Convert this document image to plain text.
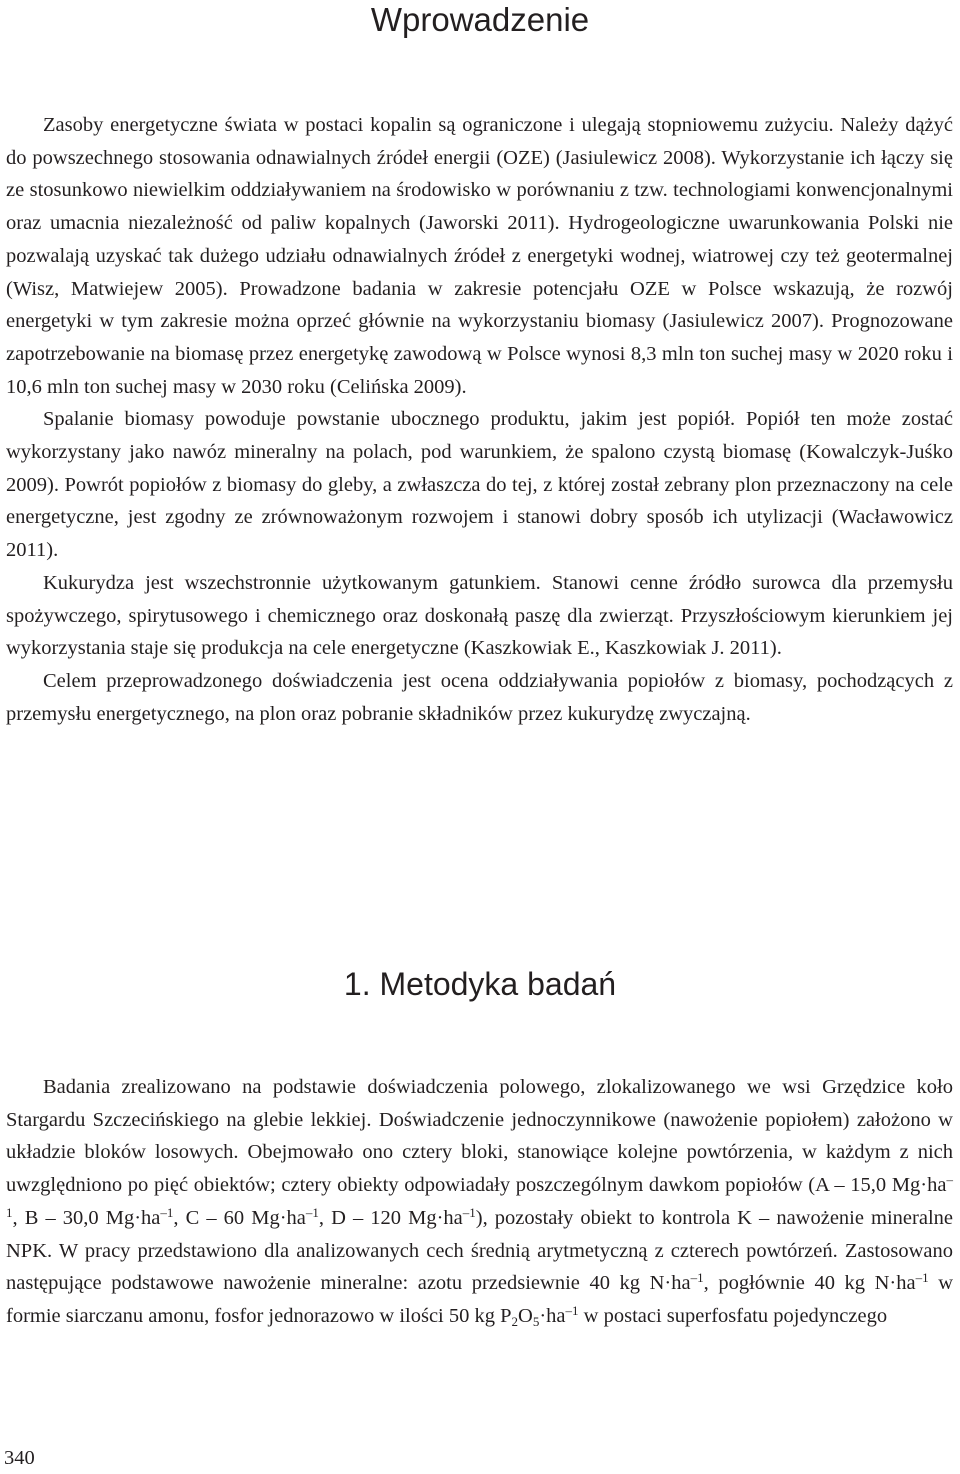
Wprowadzenie

Zasoby energetyczne świata w postaci kopalin są ograniczone i ulegają stopniowemu zużyciu. Należy dążyć do powszechnego stosowania odnawialnych źródeł energii (OZE) (Jasiulewicz 2008). Wykorzystanie ich łączy się ze stosunkowo niewielkim oddziaływaniem na środowisko w porównaniu z tzw. technologiami konwencjonalnymi oraz umacnia niezależność od paliw kopalnych (Jaworski 2011). Hydrogeologiczne uwarunkowania Polski nie pozwalają uzyskać tak dużego udziału odnawialnych źródeł z energetyki wodnej, wiatrowej czy też geotermalnej (Wisz, Matwiejew 2005). Prowadzone badania w zakresie potencjału OZE w Polsce wskazują, że rozwój energetyki w tym zakresie można oprzeć głównie na wykorzystaniu biomasy (Jasiulewicz 2007). Prognozowane zapotrzebowanie na biomasę przez energetykę zawodową w Polsce wynosi 8,3 mln ton suchej masy w 2020 roku i 10,6 mln ton suchej masy w 2030 roku (Celińska 2009).

Spalanie biomasy powoduje powstanie ubocznego produktu, jakim jest popiół. Popiół ten może zostać wykorzystany jako nawóz mineralny na polach, pod warunkiem, że spalono czystą biomasę (Kowalczyk-Juśko 2009). Powrót popiołów z biomasy do gleby, a zwłaszcza do tej, z której został zebrany plon przeznaczony na cele energetyczne, jest zgodny ze zrównoważonym rozwojem i stanowi dobry sposób ich utylizacji (Wacławowicz 2011).

Kukurydza jest wszechstronnie użytkowanym gatunkiem. Stanowi cenne źródło surowca dla przemysłu spożywczego, spirytusowego i chemicznego oraz doskonałą paszę dla zwierząt. Przyszłościowym kierunkiem jej wykorzystania staje się produkcja na cele energetyczne (Kaszkowiak E., Kaszkowiak J. 2011).

Celem przeprowadzonego doświadczenia jest ocena oddziaływania popiołów z biomasy, pochodzących z przemysłu energetycznego, na plon oraz pobranie składników przez kukurydzę zwyczajną.

1. Metodyka badań

Badania zrealizowano na podstawie doświadczenia polowego, zlokalizowanego we wsi Grzędzice koło Stargardu Szczecińskiego na glebie lekkiej. Doświadczenie jednoczynnikowe (nawożenie popiołem) założono w układzie bloków losowych. Obejmowało ono cztery bloki, stanowiące kolejne powtórzenia, w każdym z nich uwzględniono po pięć obiektów; cztery obiekty odpowiadały poszczególnym dawkom popiołów (A – 15,0 $Mg\cdot ha^{-1}$, B – 30,0 $Mg\cdot ha^{-1}$, C – 60 $Mg\cdot ha^{-1}$, D – 120 $Mg\cdot ha^{-1}$), pozostały obiekt to kontrola K – nawożenie mineralne NPK. W pracy przedstawiono dla analizowanych cech średnią arytmetyczną z czterech powtórzeń. Zastosowano następujące podstawowe nawożenie mineralne: azotu przedsiewnie 40 kg $N\cdot ha^{-1}$, pogłównie 40 kg $N\cdot ha^{-1}$ w formie siarczanu amonu, fosfor jednorazowo w ilości 50 kg $P_2O_5\cdot ha^{-1}$ w postaci superfosfatu pojedynczego

340
